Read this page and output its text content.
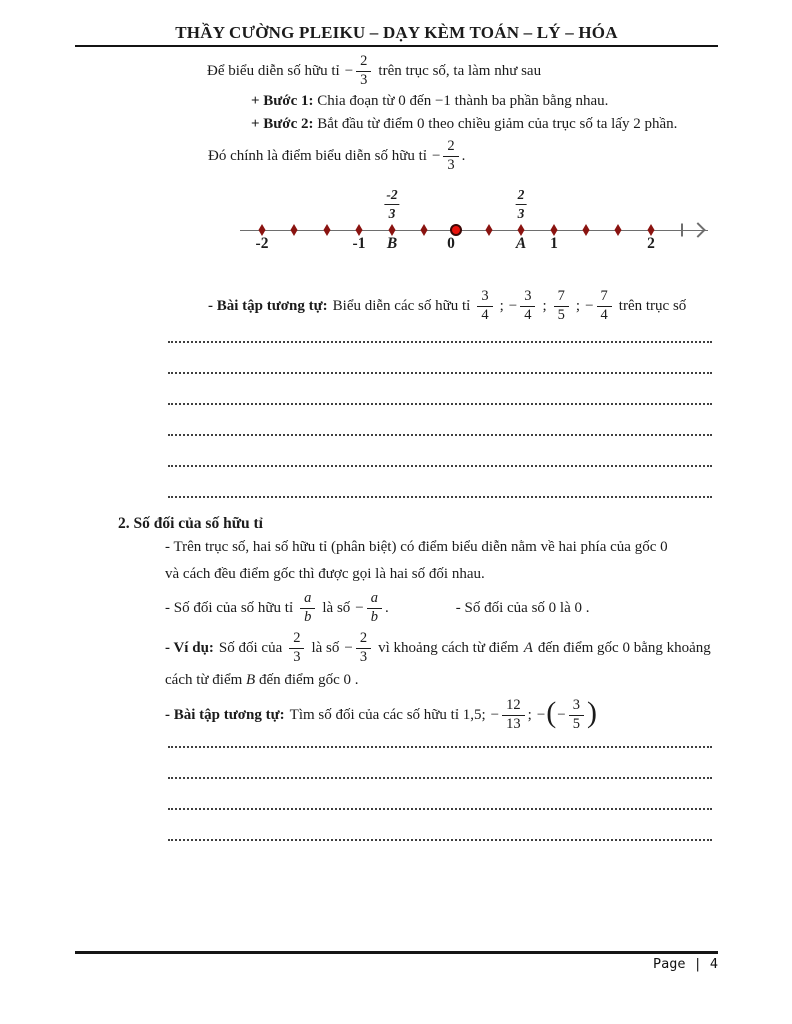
THẦY CƯỜNG PLEIKU – DẠY KÈM TOÁN – LÝ – HÓA
Để biểu diễn số hữu tỉ − $\frac{2}{3}$ trên trục số, ta làm như sau

+ Bước 1: Chia đoạn từ 0 đến −1 thành ba phần bằng nhau.

+ Bước 2: Bắt đầu từ điểm 0 theo chiều giảm của trục số ta lấy 2 phần.

Đó chính là điểm biểu diễn số hữu tỉ − $\frac{2}{3}$ .
$\frac{-2}{3}$	$\frac{2}{3}$
-2	-1 B	0	A 1	2
- Bài tập tương tự: Biểu diễn các số hữu tỉ $\frac{3}{4}$ ; − $\frac{3}{4}$ ; $\frac{7}{5}$ ; − $\frac{7}{4}$ trên trục số

2. Số đối của số hữu tỉ

- Trên trục số, hai số hữu tỉ (phân biệt) có điểm biểu diễn nằm về hai phía của gốc 0

và cách đều điểm gốc thì được gọi là hai số đối nhau.

- Số đối của số hữu tỉ $\frac{a}{b}$ là số − $\frac{a}{b}$ .	- Số đối của số 0 là 0 .
- Ví dụ: Số đối của $\frac{2}{3}$ là số − $\frac{2}{3}$ vì khoảng cách từ điểm A đến điểm gốc 0 bằng khoảng

cách từ điểm B đến điểm gốc 0 .

- Bài tập tương tự: Tìm số đối của các số hữu tỉ 1,5; − $\frac{12}{13}$ ; − ( − $\frac{3}{5}$ )
Page | 4
